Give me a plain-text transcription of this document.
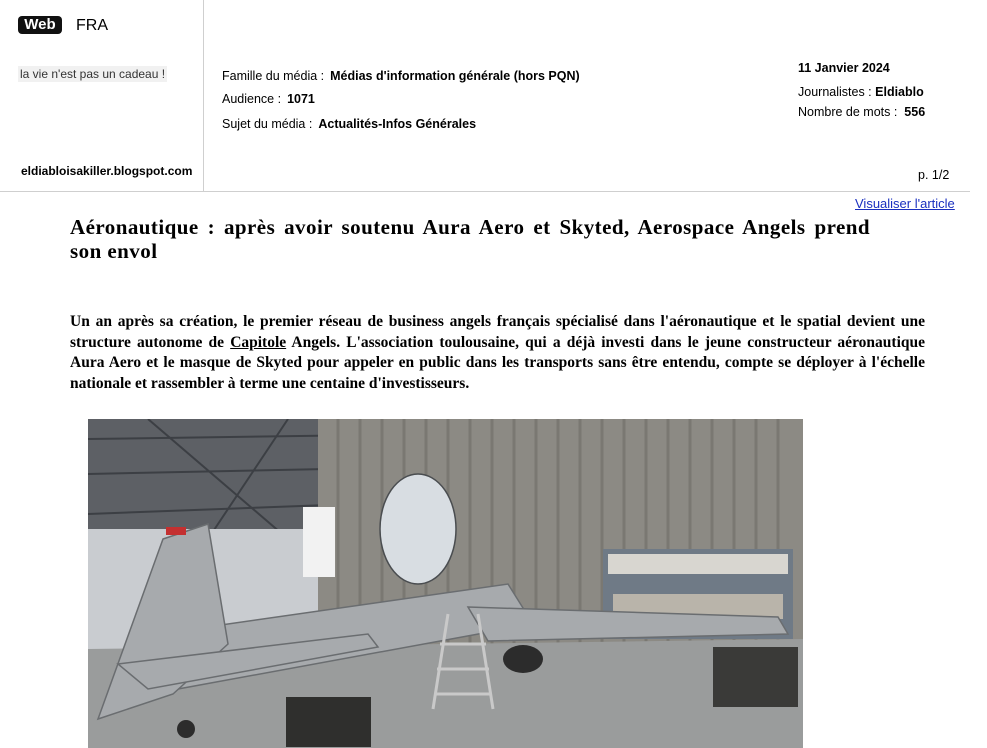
Web	FRA
la vie n'est pas un cadeau !
eldiabloisakiller.blogspot.com
Famille du média : Médias d'information générale (hors PQN)
Audience : 1071
Sujet du média : Actualités-Infos Générales
11 Janvier 2024
Journalistes : Eldiablo
Nombre de mots : 556
p. 1/2
Visualiser l'article
Aéronautique : après avoir soutenu Aura Aero et Skyted, Aerospace Angels prend son envol

Un an après sa création, le premier réseau de business angels français spécialisé dans l'aéronautique et le spatial devient une structure autonome de Capitole Angels. L'association toulousaine, qui a déjà investi dans le jeune constructeur aéronautique Aura Aero et le masque de Skyted pour appeler en public dans les transports sans être entendu, compte se déployer à l'échelle nationale et rassembler à terme une centaine d'investisseurs.
